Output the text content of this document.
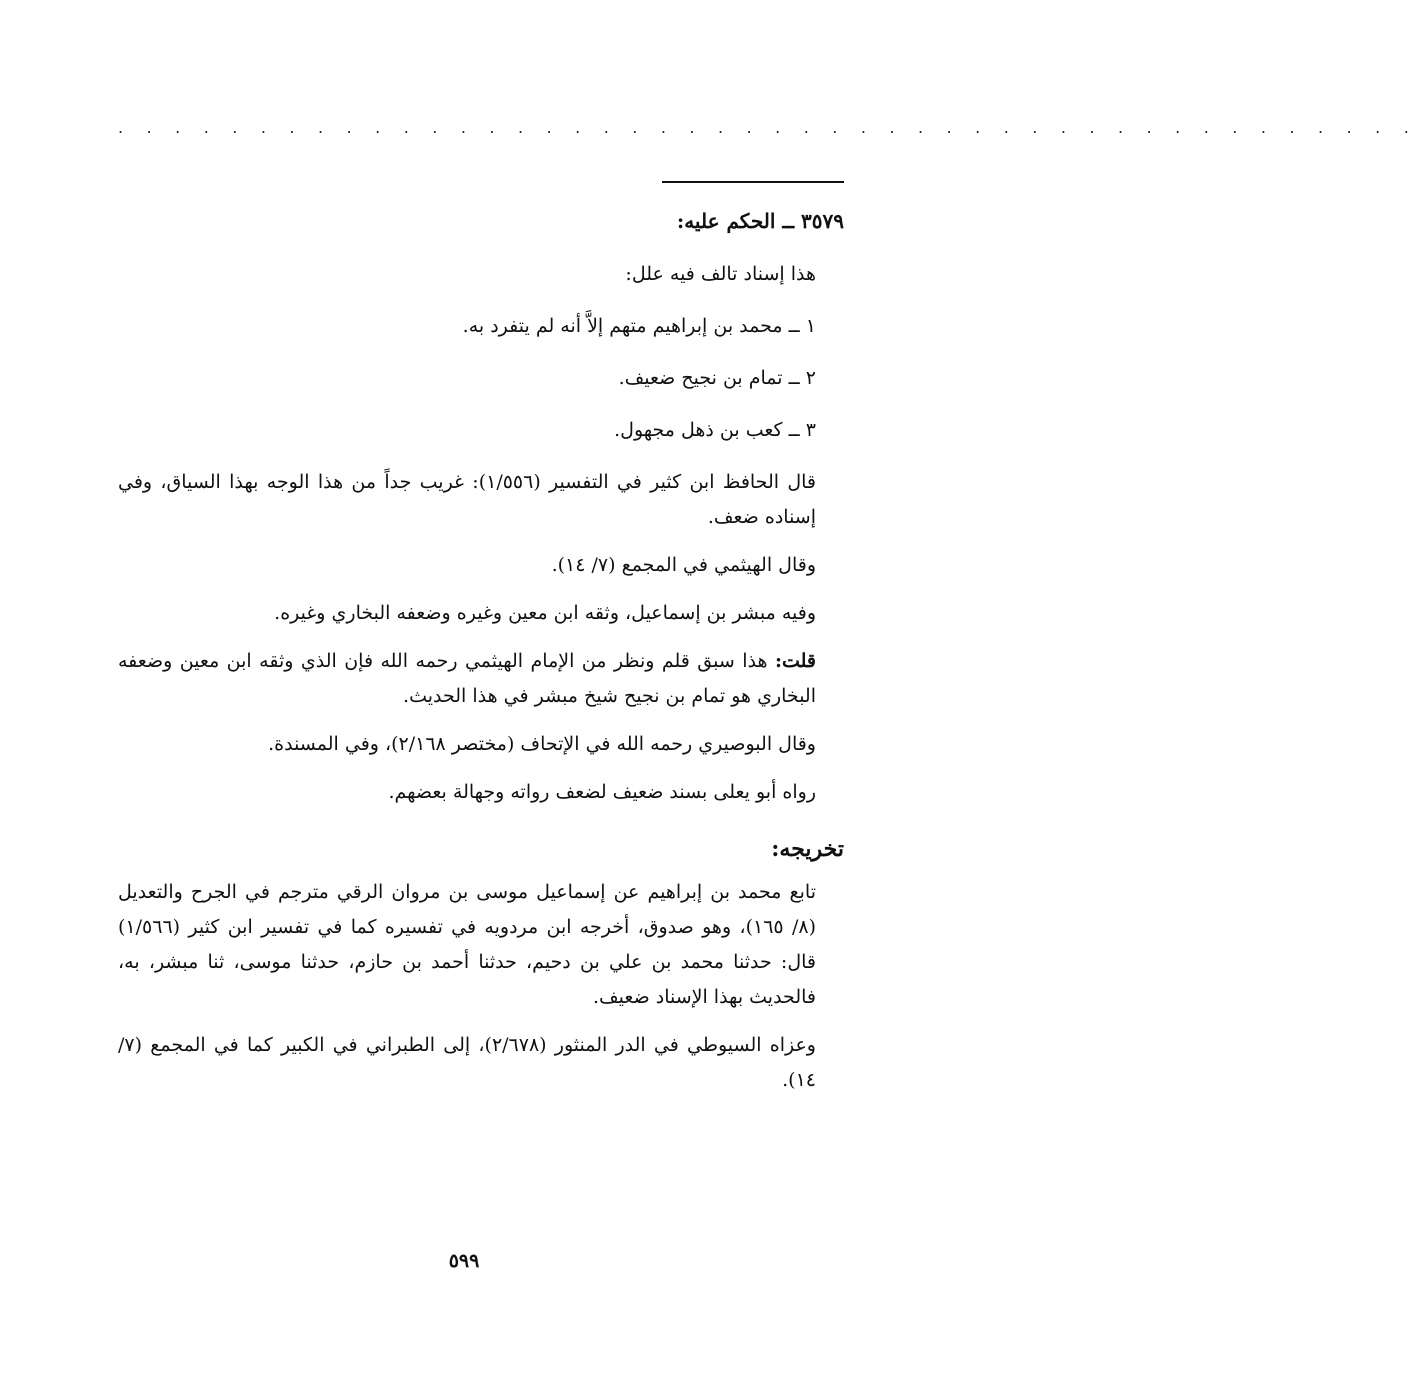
. . . . . . . . . . . . . . . . . . . . . . . . . . . . . . . . . . . . . . . . . . . . . .

٣٥٧٩ ــ الحكم عليه:

هذا إسناد تالف فيه علل:

١ ــ محمد بن إبراهيم متهم إلاَّ أنه لم يتفرد به.

٢ ــ تمام بن نجيح ضعيف.

٣ ــ كعب بن ذهل مجهول.

قال الحافظ ابن كثير في التفسير (١/٥٥٦): غريب جداً من هذا الوجه بهذا السياق، وفي إسناده ضعف.

وقال الهيثمي في المجمع (٧/ ١٤).

وفيه مبشر بن إسماعيل، وثقه ابن معين وغيره وضعفه البخاري وغيره.

قلت: هذا سبق قلم ونظر من الإمام الهيثمي رحمه الله فإن الذي وثقه ابن معين وضعفه البخاري هو تمام بن نجيح شيخ مبشر في هذا الحديث.

وقال البوصيري رحمه الله في الإتحاف (مختصر ٢/١٦٨)، وفي المسندة.

رواه أبو يعلى بسند ضعيف لضعف رواته وجهالة بعضهم.

تخريجه:

تابع محمد بن إبراهيم عن إسماعيل موسى بن مروان الرقي مترجم في الجرح والتعديل (٨/ ١٦٥)، وهو صدوق، أخرجه ابن مردويه في تفسيره كما في تفسير ابن كثير (١/٥٦٦) قال: حدثنا محمد بن علي بن دحيم، حدثنا أحمد بن حازم، حدثنا موسى، ثنا مبشر، به، فالحديث بهذا الإسناد ضعيف.

وعزاه السيوطي في الدر المنثور (٢/٦٧٨)، إلى الطبراني في الكبير كما في المجمع (٧/ ١٤).

٥٩٩
